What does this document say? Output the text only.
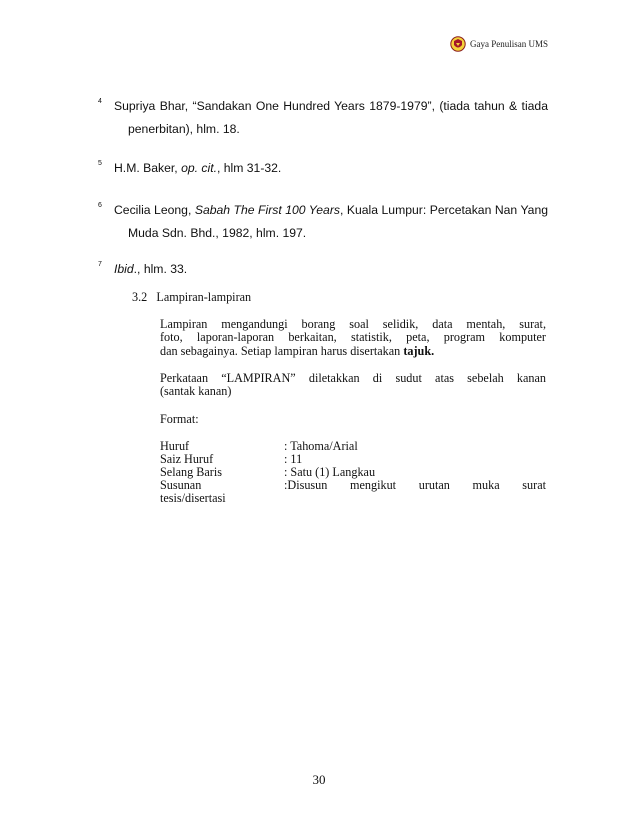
Gaya Penulisan UMS
4 Supriya Bhar, “Sandakan One Hundred Years 1879-1979”, (tiada tahun & tiada
penerbitan), hlm. 18.
5 H.M. Baker, op. cit., hlm 31-32.
6 Cecilia Leong, Sabah The First 100 Years, Kuala Lumpur: Percetakan Nan Yang
Muda Sdn. Bhd., 1982, hlm. 197.
7 Ibid., hlm. 33.
3.2 Lampiran-lampiran
Lampiran mengandungi borang soal selidik, data mentah, surat,
foto, laporan-laporan berkaitan, statistik, peta, program komputer
dan sebagainya. Setiap lampiran harus disertakan tajuk.
Perkataan “LAMPIRAN” diletakkan di sudut atas sebelah kanan
(santak kanan)
Format:
Huruf	: Tahoma/Arial
Saiz Huruf	: 11
Selang Baris	: Satu (1) Langkau
Susunan	:Disusun mengikut urutan muka surat
tesis/disertasi
30
